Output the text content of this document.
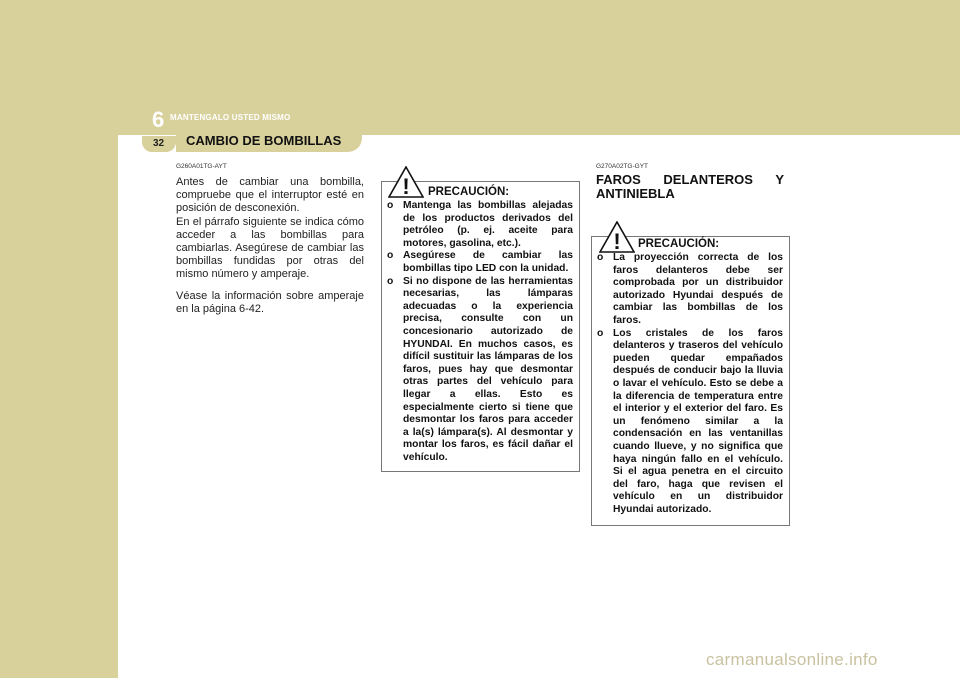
6 MANTENGALO USTED MISMO
32 CAMBIO DE BOMBILLAS
G260A01TG-AYT

Antes de cambiar una bombilla, compruebe que el interruptor esté en posición de desconexión.

En el párrafo siguiente se indica cómo acceder a las bombillas para cambiarlas. Asegúrese de cambiar las bombillas fundidas por otras del mismo número y amperaje.

Véase la información sobre amperaje en la página 6-42.

! PRECAUCIÓN:
o Mantenga las bombillas alejadas de los productos derivados del petróleo (p. ej. aceite para motores, gasolina, etc.).
o Asegúrese de cambiar las bombillas tipo LED con la unidad.
o Si no dispone de las herramientas necesarias, las lámparas adecuadas o la experiencia precisa, consulte con un concesionario autorizado de HYUNDAI. En muchos casos, es difícil sustituir las lámparas de los faros, pues hay que desmontar otras partes del vehículo para llegar a ellas. Esto es especialmente cierto si tiene que desmontar los faros para acceder a la(s) lámpara(s). Al desmontar y montar los faros, es fácil dañar el vehículo.
G270A02TG-GYT
FAROS DELANTEROS Y
ANTINIEBLA
! PRECAUCIÓN:
o La proyección correcta de los faros delanteros debe ser comprobada por un distribuidor autorizado Hyundai después de cambiar las bombillas de los faros.
o Los cristales de los faros delanteros y traseros del vehículo pueden quedar empañados después de conducir bajo la lluvia o lavar el vehículo. Esto se debe a la diferencia de temperatura entre el interior y el exterior del faro. Es un fenómeno similar a la condensación en las ventanillas cuando llueve, y no significa que haya ningún fallo en el vehículo. Si el agua penetra en el circuito del faro, haga que revisen el vehículo en un distribuidor Hyundai autorizado.
carmanualsonline.info
